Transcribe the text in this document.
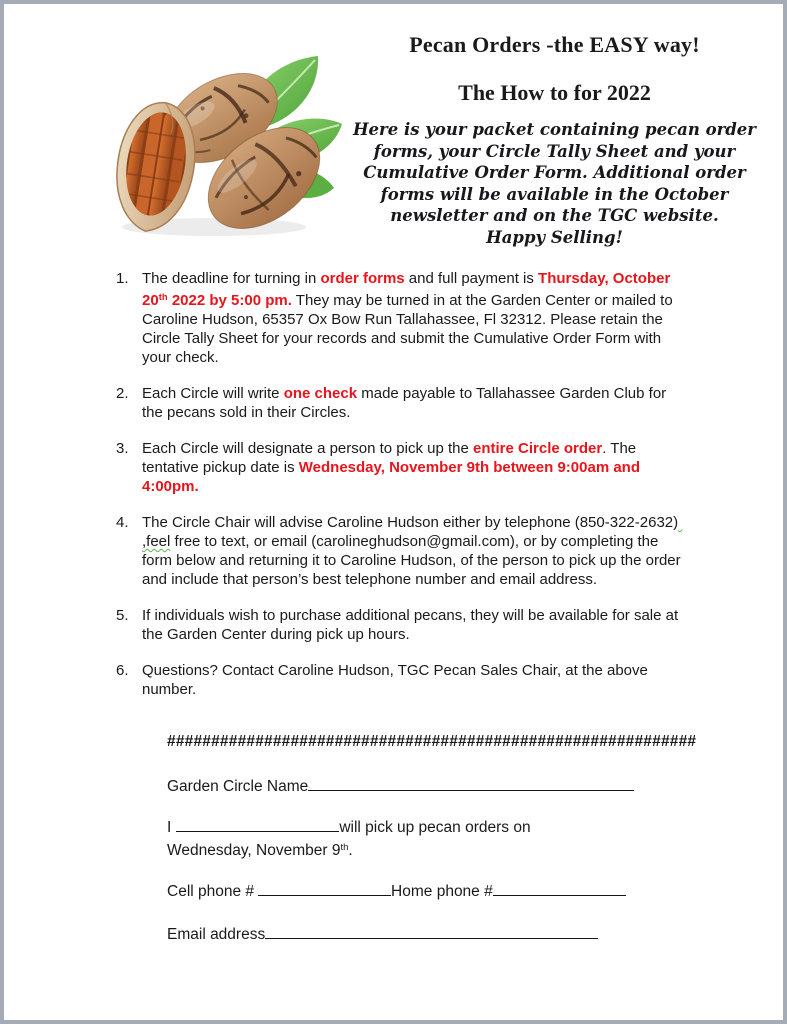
Pecan Orders -the EASY way!
The How to for 2022

Here is your packet containing pecan order
forms, your Circle Tally Sheet and your
Cumulative Order Form. Additional order
forms will be available in the October
newsletter and on the TGC website.
Happy Selling!

1. The deadline for turning in order forms and full payment is Thursday, October
20th 2022 by 5:00 pm. They may be turned in at the Garden Center or mailed to
Caroline Hudson, 65357 Ox Bow Run Tallahassee, Fl 32312. Please retain the
Circle Tally Sheet for your records and submit the Cumulative Order Form with
your check.
2. Each Circle will write one check made payable to Tallahassee Garden Club for
the pecans sold in their Circles.
3. Each Circle will designate a person to pick up the entire Circle order. The
tentative pickup date is Wednesday, November 9th between 9:00am and
4:00pm.
4. The Circle Chair will advise Caroline Hudson either by telephone (850-322-2632)
,feel free to text, or email (carolineghudson@gmail.com), or by completing the
form below and returning it to Caroline Hudson, of the person to pick up the order
and include that person’s best telephone number and email address.
5. If individuals wish to purchase additional pecans, they will be available for sale at
the Garden Center during pick up hours.
6. Questions? Contact Caroline Hudson, TGC Pecan Sales Chair, at the above
number.
############################################################
Garden Circle Name
I	will pick up pecan orders on
Wednesday, November 9th.
Cell phone #	Home phone #
Email address
